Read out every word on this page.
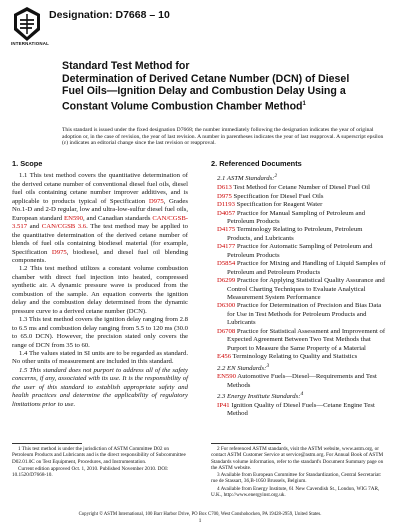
INTERNATIONAL
Designation: D7668 – 10
Standard Test Method for
Determination of Derived Cetane Number (DCN) of Diesel
Fuel Oils—Ignition Delay and Combustion Delay Using a
Constant Volume Combustion Chamber Method$^1$
This standard is issued under the fixed designation D7668; the number immediately following the designation indicates the year of original adoption or, in the case of revision, the year of last revision. A number in parentheses indicates the year of last reapproval. A superscript epsilon (ε) indicates an editorial change since the last revision or reapproval.
1. Scope

1.1 This test method covers the quantitative determination of the derived cetane number of conventional diesel fuel oils, diesel fuel oils containing cetane number improver additives, and is applicable to products typical of Specification D975, Grades No.1-D and 2-D regular, low and ultra-low-sulfur diesel fuel oils, European standard EN590, and Canadian standards CAN/CGSB-3.517 and CAN/CGSB 3.6. The test method may be applied to the quantitative determination of the derived cetane number of blends of fuel oils containing biodiesel material (for example, Specification D975, biodiesel, and diesel fuel oil blending components.

1.2 This test method utilizes a constant volume combustion chamber with direct fuel injection into heated, compressed synthetic air. A dynamic pressure wave is produced from the combustion of the sample. An equation converts the ignition delay and the combustion delay determined from the dynamic pressure curve to a derived cetane number (DCN).

1.3 This test method covers the ignition delay ranging from 2.8 to 6.5 ms and combustion delay ranging from 5.5 to 120 ms (30.0 to 65.0 DCN). However, the precision stated only covers the range of DCN from 35 to 60.

1.4 The values stated in SI units are to be regarded as standard. No other units of measurement are included in this standard.

1.5 This standard does not purport to address all of the safety concerns, if any, associated with its use. It is the responsibility of the user of this standard to establish appropriate safety and health practices and determine the applicability of regulatory limitations prior to use.

2. Referenced Documents
2.1 ASTM Standards:$^2$
D613 Test Method for Cetane Number of Diesel Fuel Oil
D975 Specification for Diesel Fuel Oils
D1193 Specification for Reagent Water
D4057 Practice for Manual Sampling of Petroleum and Petroleum Products
D4175 Terminology Relating to Petroleum, Petroleum Products, and Lubricants
D4177 Practice for Automatic Sampling of Petroleum and Petroleum Products
D5854 Practice for Mixing and Handling of Liquid Samples of Petroleum and Petroleum Products
D6299 Practice for Applying Statistical Quality Assurance and Control Charting Techniques to Evaluate Analytical Measurement System Performance
D6300 Practice for Determination of Precision and Bias Data for Use in Test Methods for Petroleum Products and Lubricants
D6708 Practice for Statistical Assessment and Improvement of Expected Agreement Between Two Test Methods that Purport to Measure the Same Property of a Material
E456 Terminology Relating to Quality and Statistics
2.2 EN Standards:$^3$
EN590 Automotive Fuels—Diesel—Requirements and Test Methods
2.3 Energy Institute Standards:$^4$
IP41 Ignition Quality of Diesel Fuels—Cetane Engine Test Method

1 This test method is under the jurisdiction of ASTM Committee D02 on Petroleum Products and Lubricants and is the direct responsibility of Subcommittee D02.01.0C on Test Equipment, Procedures, and Instrumentation.

Current edition approved Oct. 1, 2010. Published November 2010. DOI: 10.1520/D7668-10.

2 For referenced ASTM standards, visit the ASTM website, www.astm.org, or contact ASTM Customer Service at service@astm.org. For Annual Book of ASTM Standards volume information, refer to the standard's Document Summary page on the ASTM website.

3 Available from European Committee for Standardization, Central Secretariat: rue de Stassart, 36,B-1050 Brussels, Belgium.

4 Available from Energy Institute, 61 New Cavendish St., London, WIG 7AR, U.K., http://www.energyinst.org.uk.

Copyright © ASTM International, 100 Barr Harbor Drive, PO Box C700, West Conshohocken, PA 19428-2959, United States.
1
